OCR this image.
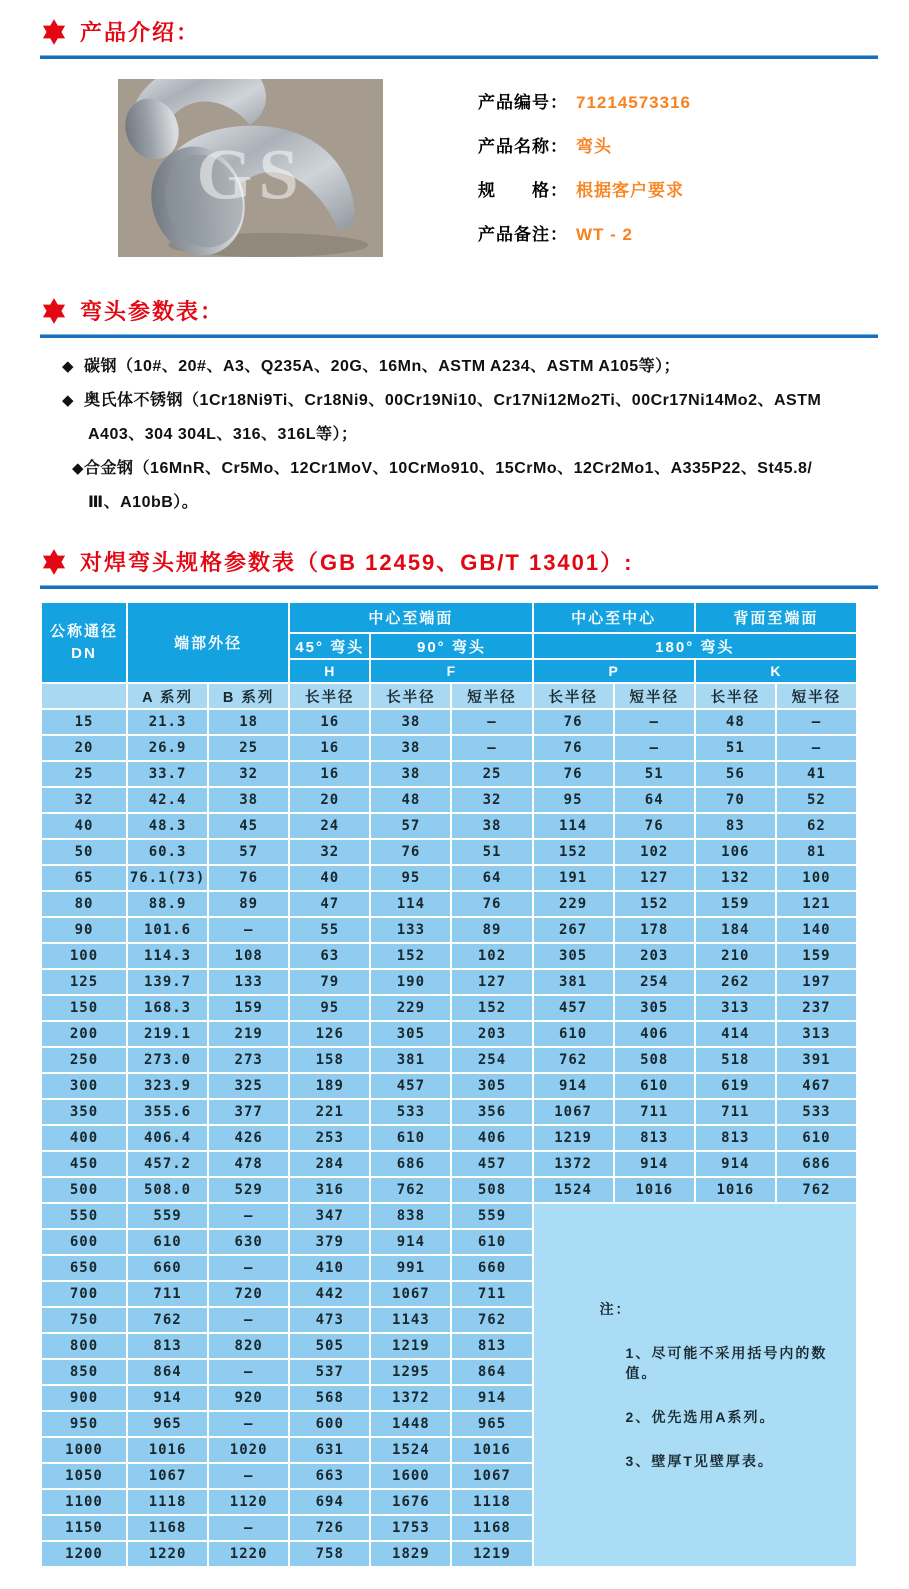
产品介绍：
GS
产品编号： 71214573316
产品名称： 弯头
规　　格： 根据客户要求
产品备注： WT - 2
弯头参数表：
◆ 碳钢（10#、20#、A3、Q235A、20G、16Mn、ASTM A234、ASTM A105等）；
◆ 奥氏体不锈钢（1Cr18Ni9Ti、Cr18Ni9、00Cr19Ni10、Cr17Ni12Mo2Ti、00Cr17Ni14Mo2、ASTM A403、304 304L、316、316L等）；
◆合金钢（16MnR、Cr5Mo、12Cr1MoV、10CrMo910、15CrMo、12Cr2Mo1、A335P22、St45.8/Ⅲ、A10bB）。
对焊弯头规格参数表（GB 12459、GB/T 13401）:
公称通径
DN	端部外径		中心至端面			中心至中心		背面至端面	
			45° 弯头	90° 弯头		180° 弯头			
			H	F		P		K	
	A 系列	B 系列	长半径	长半径	短半径	长半径	短半径	长半径	短半径
15	21.3	18	16	38	—	76	—	48	—
20	26.9	25	16	38	—	76	—	51	—
25	33.7	32	16	38	25	76	51	56	41
32	42.4	38	20	48	32	95	64	70	52
40	48.3	45	24	57	38	114	76	83	62
50	60.3	57	32	76	51	152	102	106	81
65	76.1(73)	76	40	95	64	191	127	132	100
80	88.9	89	47	114	76	229	152	159	121
90	101.6	—	55	133	89	267	178	184	140
100	114.3	108	63	152	102	305	203	210	159
125	139.7	133	79	190	127	381	254	262	197
150	168.3	159	95	229	152	457	305	313	237
200	219.1	219	126	305	203	610	406	414	313
250	273.0	273	158	381	254	762	508	518	391
300	323.9	325	189	457	305	914	610	619	467
350	355.6	377	221	533	356	1067	711	711	533
400	406.4	426	253	610	406	1219	813	813	610
450	457.2	478	284	686	457	1372	914	914	686
500	508.0	529	316	762	508	1524	1016	1016	762
550	559	—	347	838	559	注：
1、尽可能不采用括号内的数值。
2、优先选用A系列。
3、壁厚T见壁厚表。			

600	610	630	379	914	610				
650	660	—	410	991	660				
700	711	720	442	1067	711				
750	762	—	473	1143	762				
800	813	820	505	1219	813				
850	864	—	537	1295	864				
900	914	920	568	1372	914				
950	965	—	600	1448	965				
1000	1016	1020	631	1524	1016				
1050	1067	—	663	1600	1067				
1100	1118	1120	694	1676	1118				
1150	1168	—	726	1753	1168				
1200	1220	1220	758	1829	1219				
